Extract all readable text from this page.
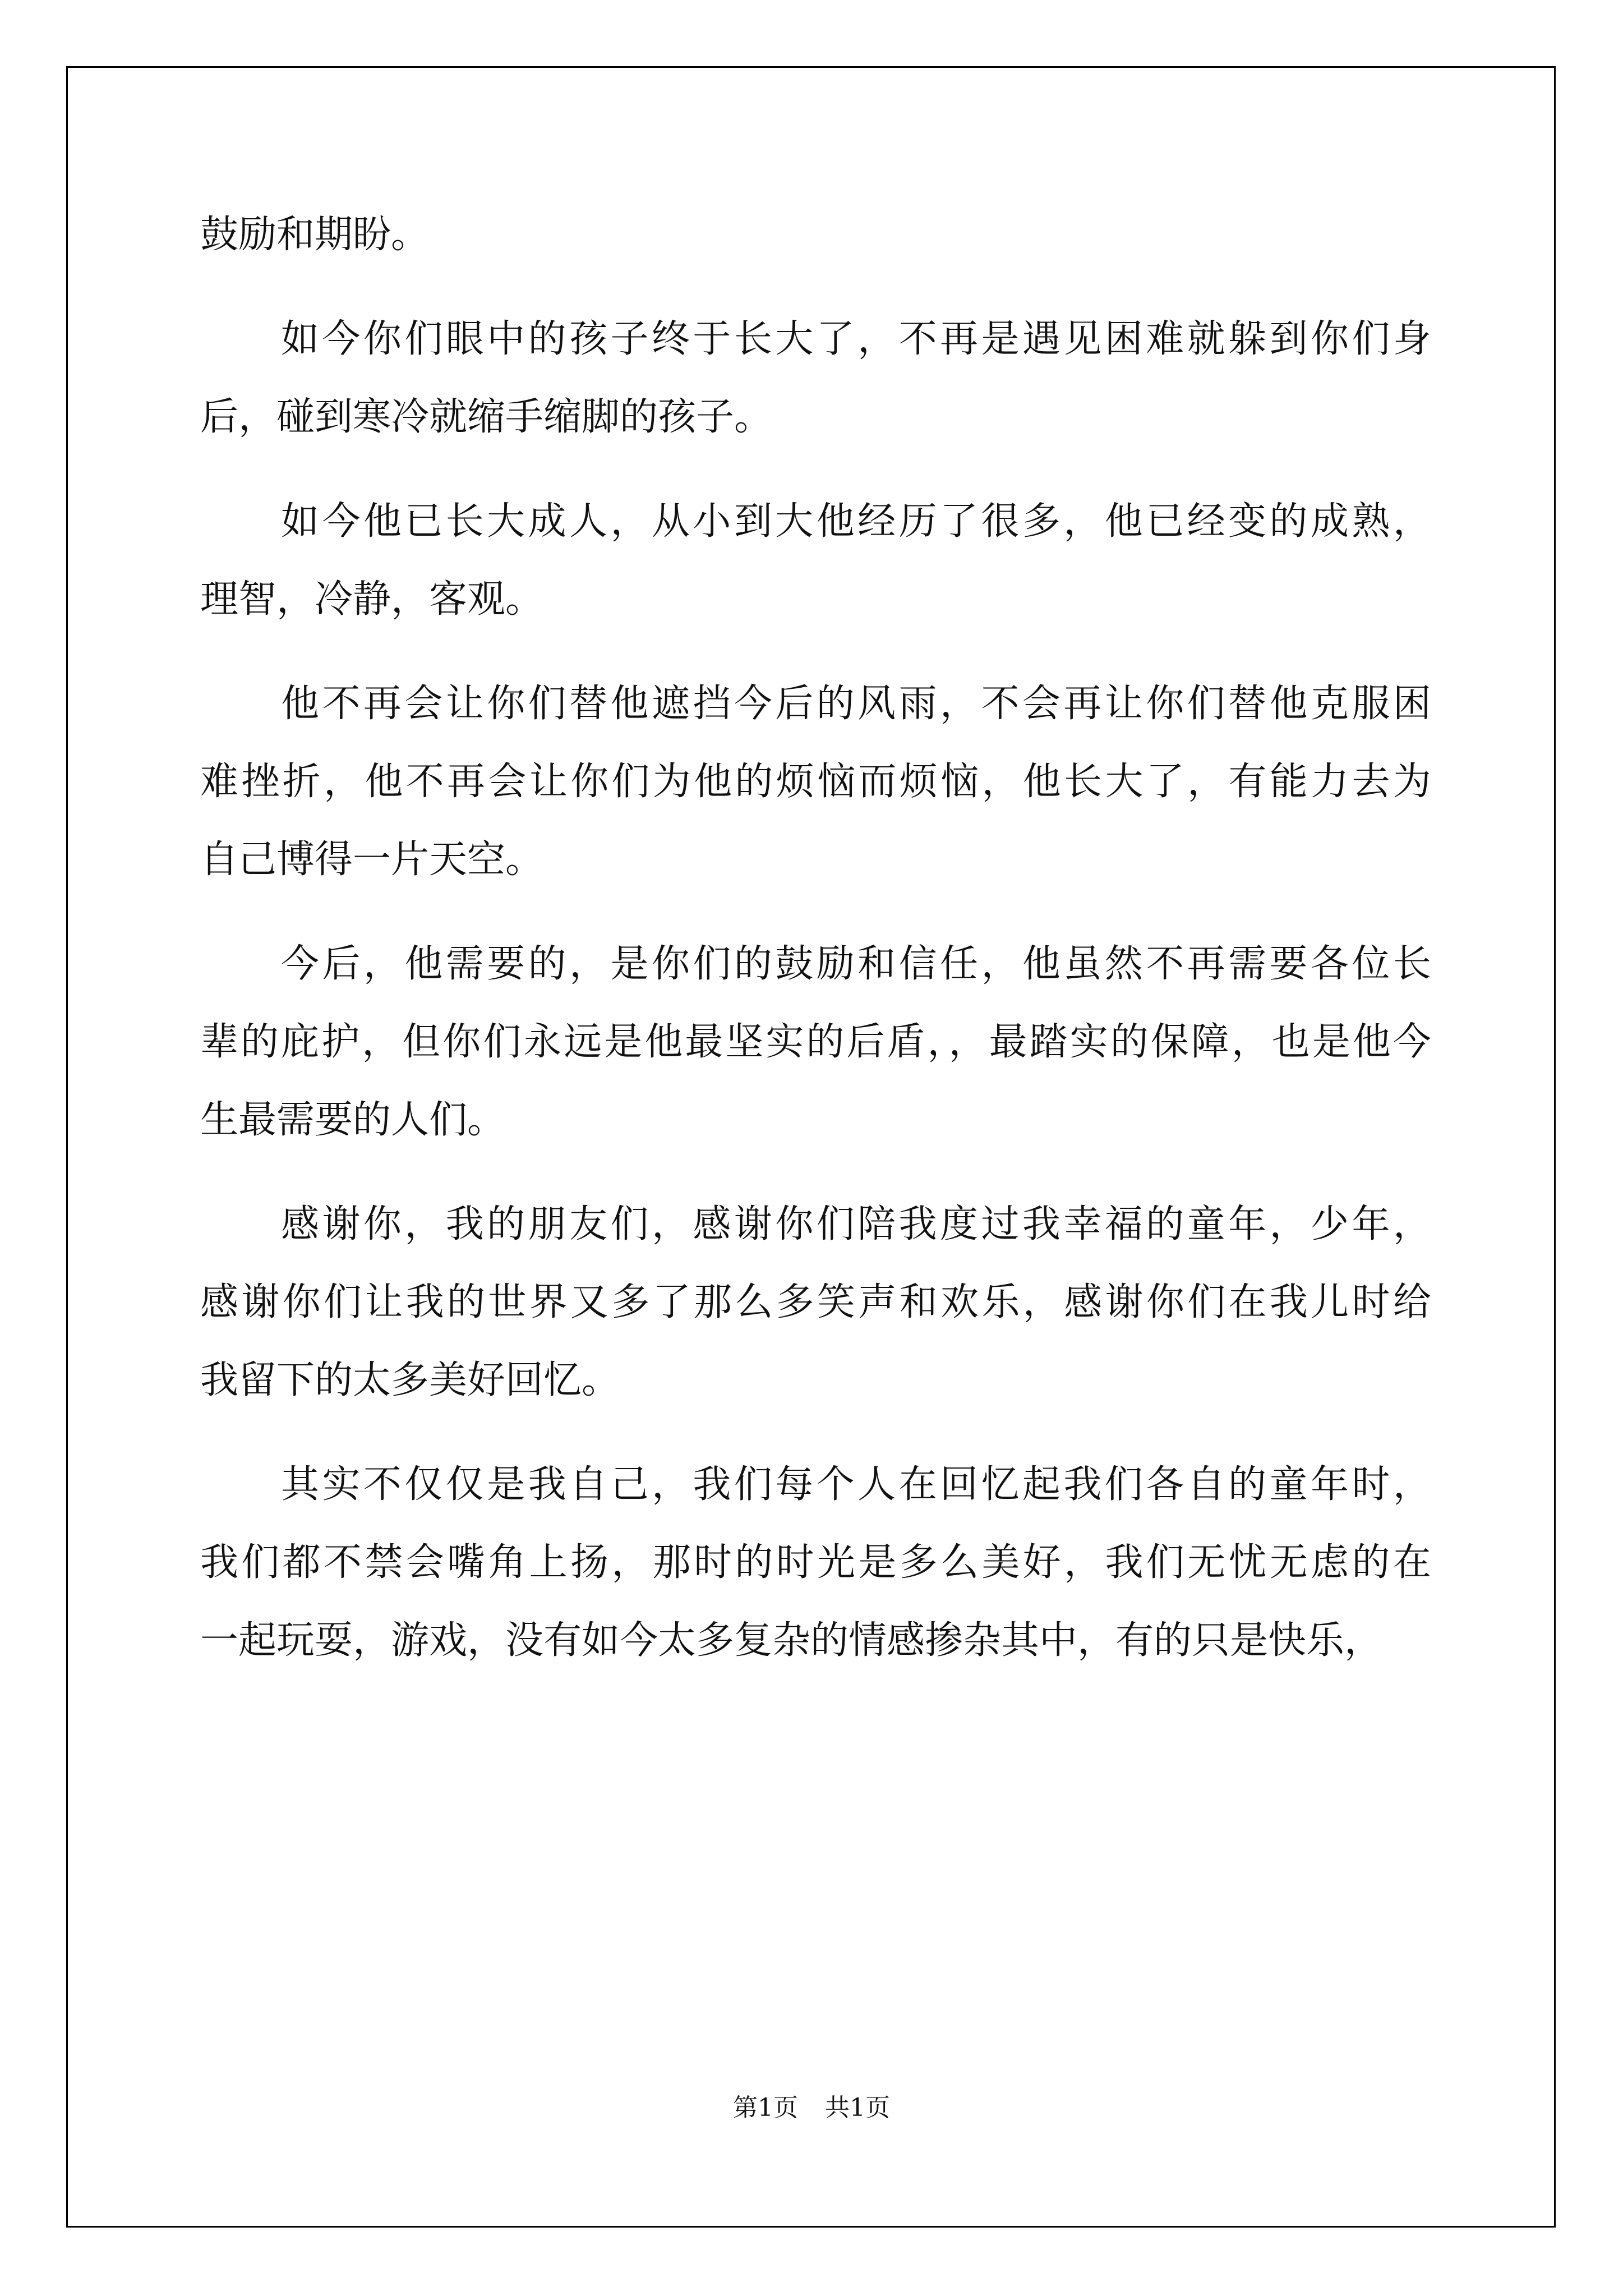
鼓励和期盼。
如今你们眼中的孩子终于长大了，不再是遇见困难就躲到你们身
后，碰到寒冷就缩手缩脚的孩子。
如今他已长大成人，从小到大他经历了很多，他已经变的成熟，
理智，冷静，客观。
他不再会让你们替他遮挡今后的风雨，不会再让你们替他克服困
难挫折，他不再会让你们为他的烦恼而烦恼，他长大了，有能力去为
自己博得一片天空。
今后，他需要的，是你们的鼓励和信任，他虽然不再需要各位长
辈的庇护，但你们永远是他最坚实的后盾，，最踏实的保障，也是他今
生最需要的人们。
感谢你，我的朋友们，感谢你们陪我度过我幸福的童年，少年，
感谢你们让我的世界又多了那么多笑声和欢乐，感谢你们在我儿时给
我留下的太多美好回忆。
其实不仅仅是我自己，我们每个人在回忆起我们各自的童年时，
我们都不禁会嘴角上扬，那时的时光是多么美好，我们无忧无虑的在
一起玩耍，游戏，没有如今太多复杂的情感掺杂其中，有的只是快乐，
第1页 共1页
